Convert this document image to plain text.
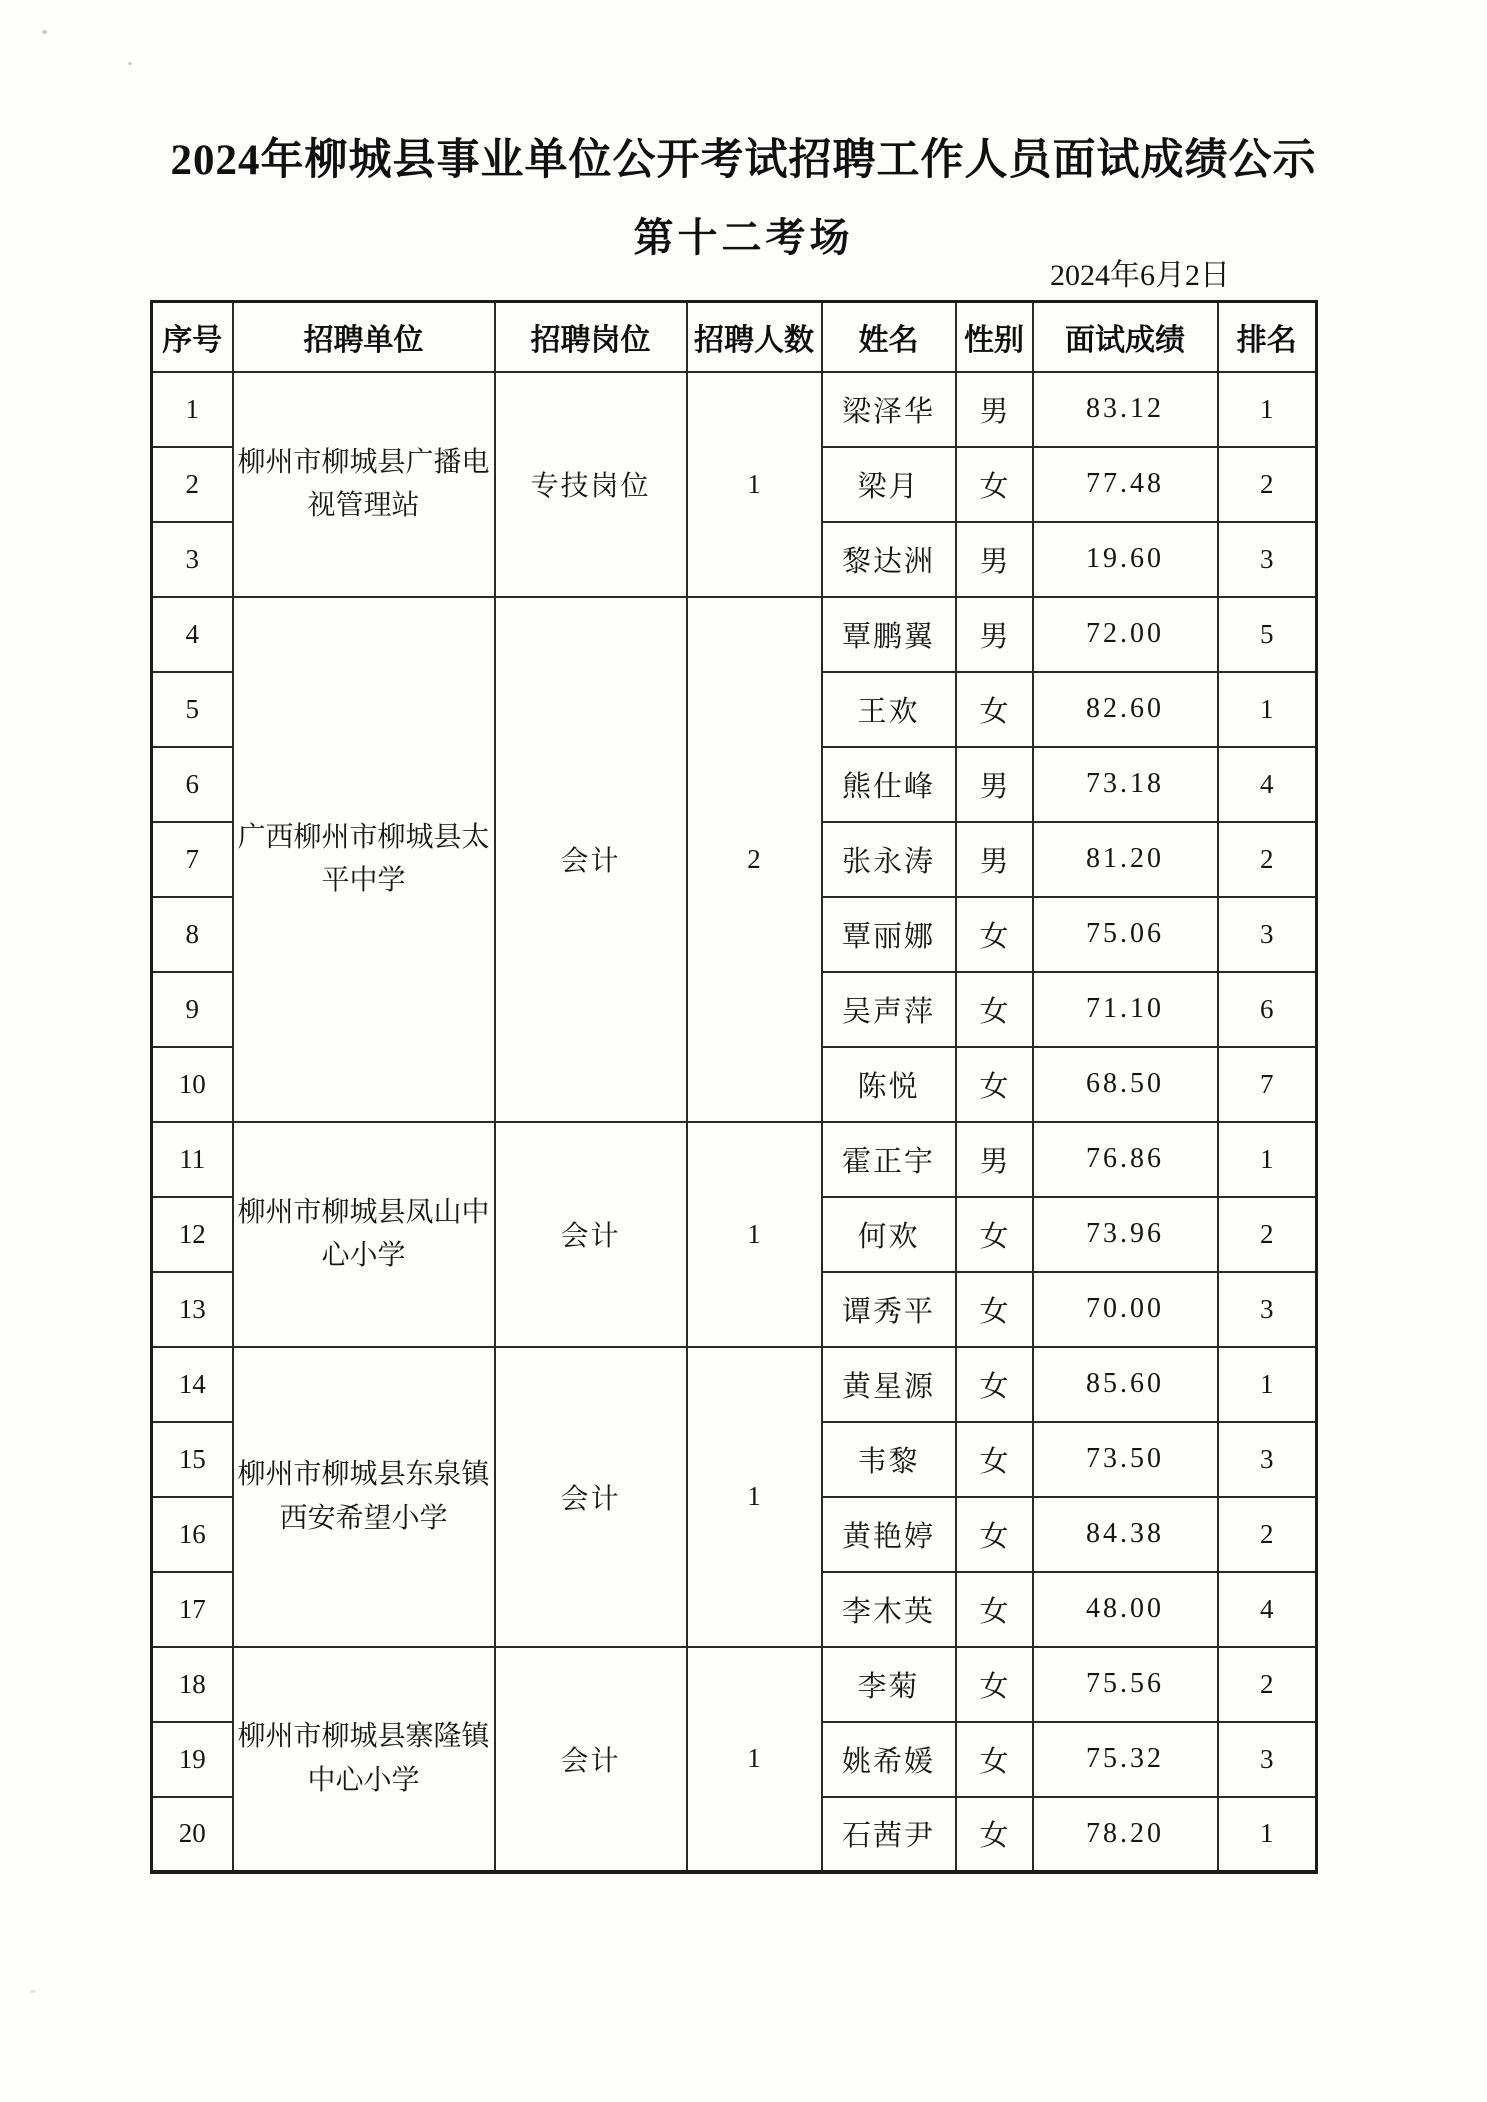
2024年柳城县事业单位公开考试招聘工作人员面试成绩公示
第十二考场
2024年6月2日
序号	招聘单位	招聘岗位	招聘人数	姓名	性别	面试成绩	排名
1	柳州市柳城县广播电视管理站	专技岗位	1	梁泽华	男	83.12	1
2				梁月	女	77.48	2
3				黎达洲	男	19.60	3
4	广西柳州市柳城县太平中学	会计	2	覃鹏翼	男	72.00	5
5				王欢	女	82.60	1
6				熊仕峰	男	73.18	4
7				张永涛	男	81.20	2
8				覃丽娜	女	75.06	3
9				吴声萍	女	71.10	6
10				陈悦	女	68.50	7
11	柳州市柳城县凤山中心小学	会计	1	霍正宇	男	76.86	1
12				何欢	女	73.96	2
13				谭秀平	女	70.00	3
14	柳州市柳城县东泉镇西安希望小学	会计	1	黄星源	女	85.60	1
15				韦黎	女	73.50	3
16				黄艳婷	女	84.38	2
17				李木英	女	48.00	4
18	柳州市柳城县寨隆镇中心小学	会计	1	李菊	女	75.56	2
19				姚希媛	女	75.32	3
20				石茜尹	女	78.20	1
